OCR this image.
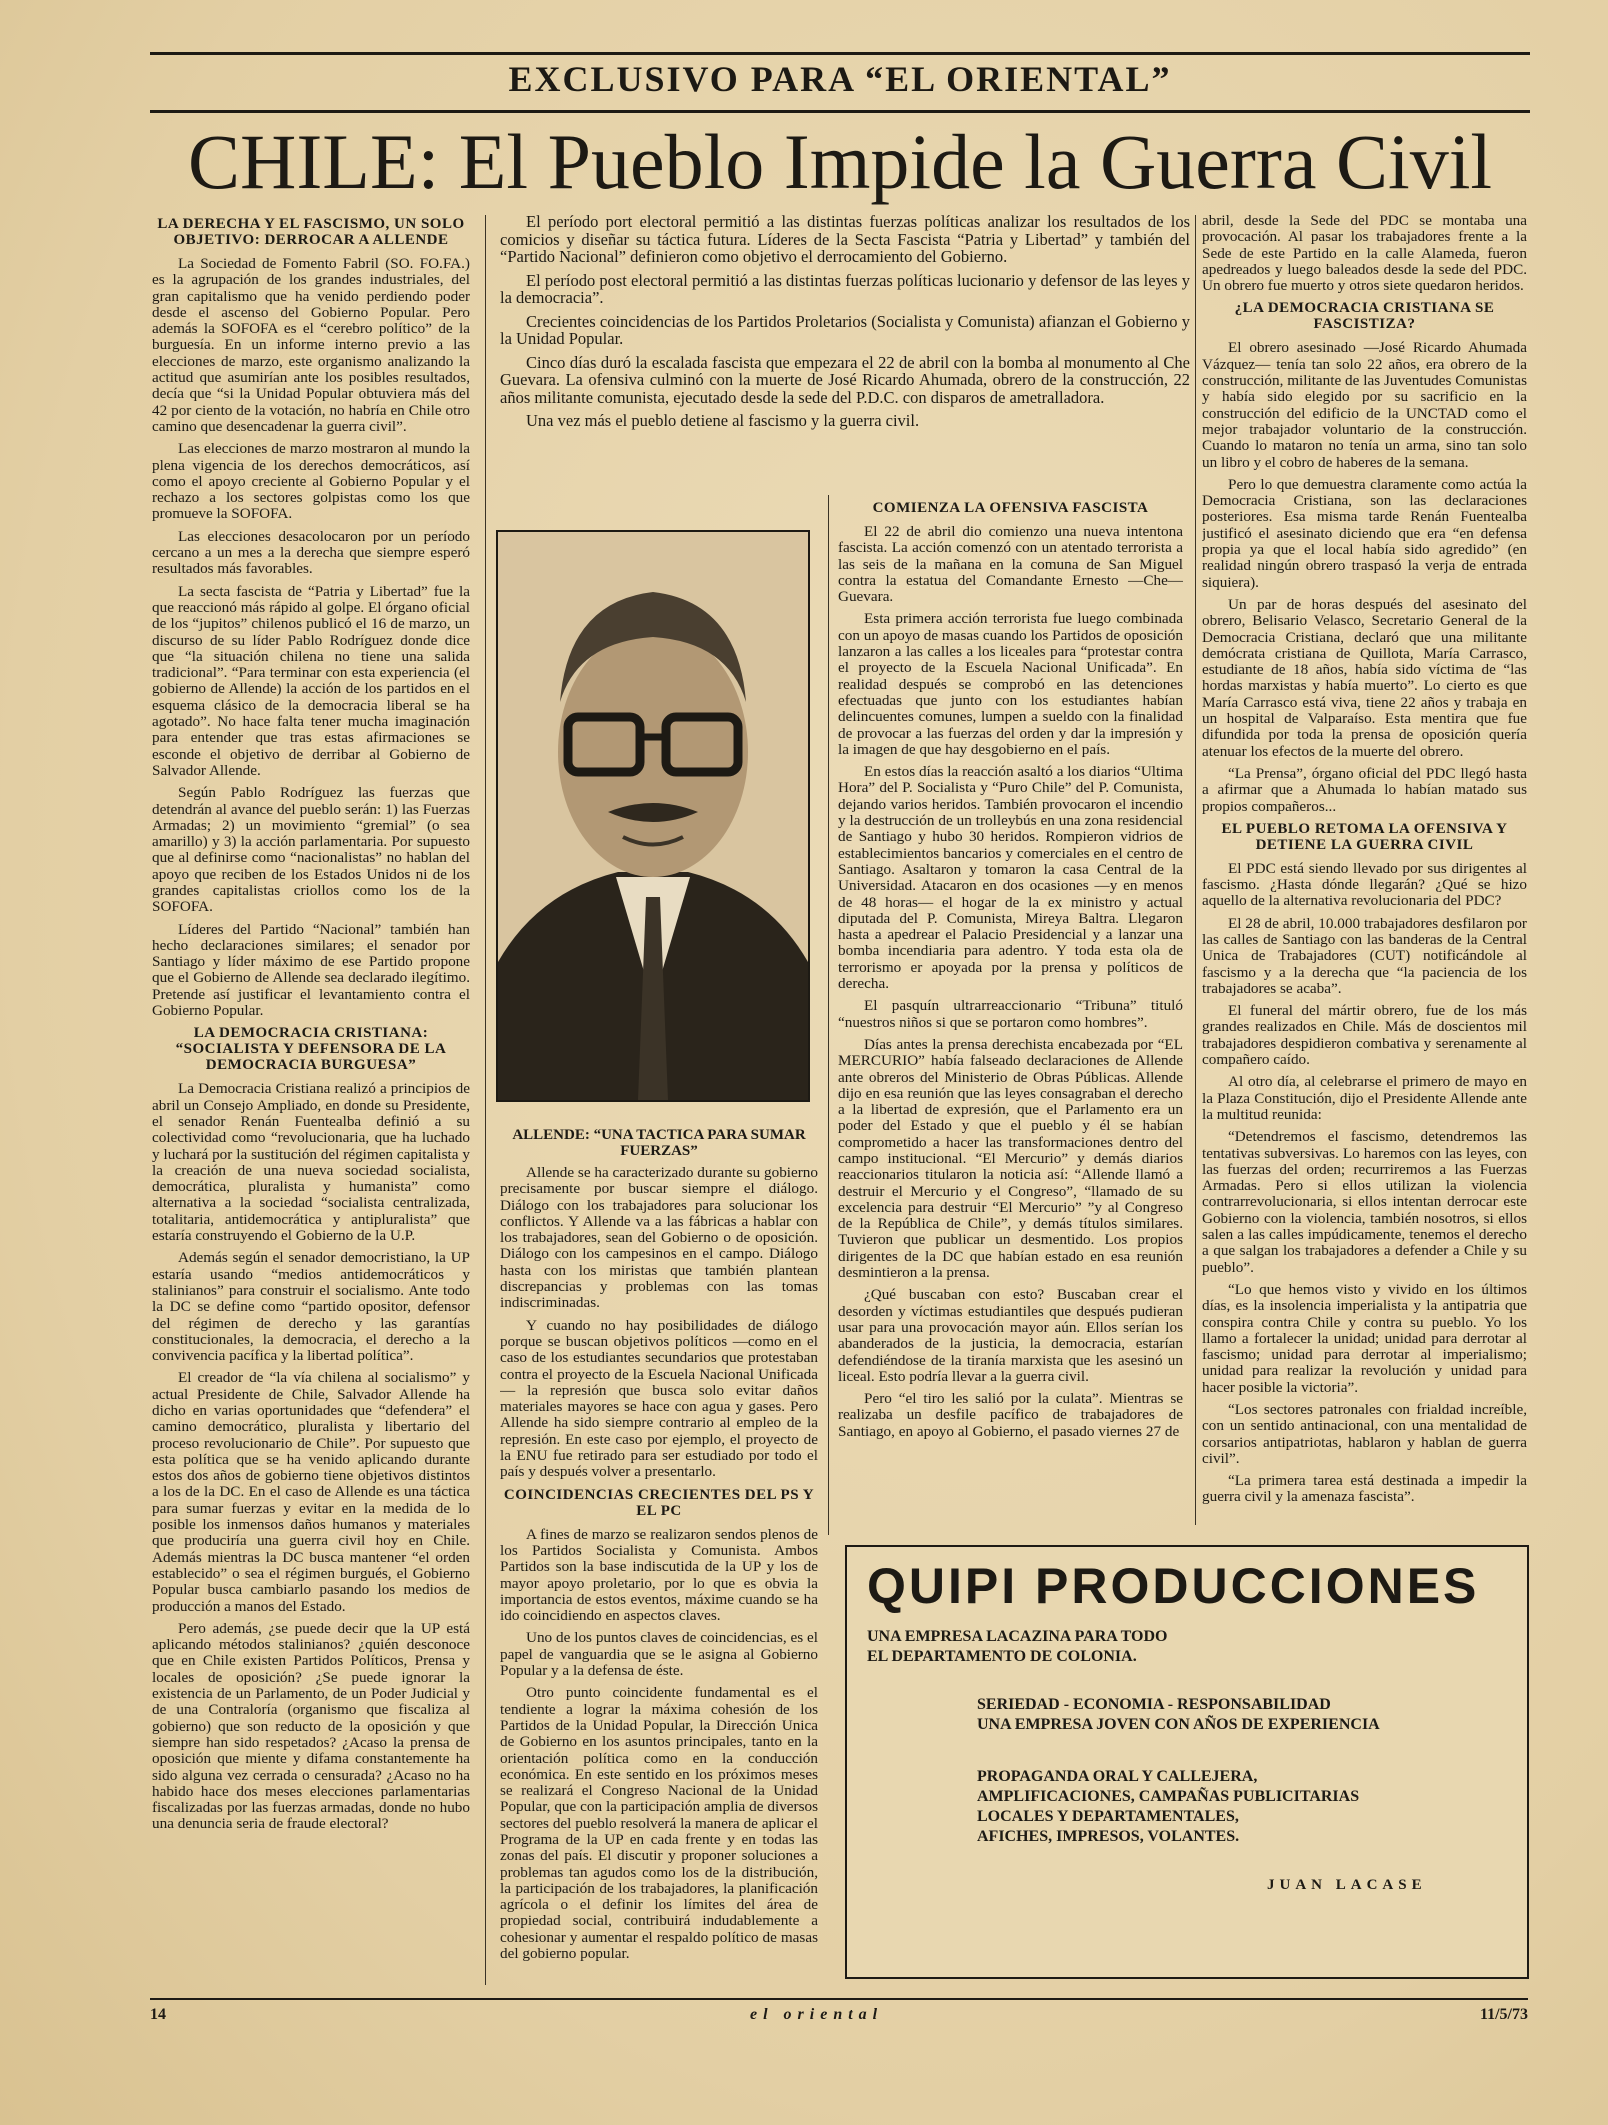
EXCLUSIVO PARA “EL ORIENTAL”
CHILE: El Pueblo Impide la Guerra Civil
LA DERECHA Y EL FASCISMO, UN SOLO OBJETIVO: DERROCAR A ALLENDE

La Sociedad de Fomento Fabril (SO. FO.FA.) es la agrupación de los grandes industriales, del gran capitalismo que ha venido perdiendo poder desde el ascenso del Gobierno Popular. Pero además la SOFOFA es el “cerebro político” de la burguesía. En un informe interno previo a las elecciones de marzo, este organismo analizando la actitud que asumirían ante los posibles resultados, decía que “si la Unidad Popular obtuviera más del 42 por ciento de la votación, no habría en Chile otro camino que desencadenar la guerra civil”.

Las elecciones de marzo mostraron al mundo la plena vigencia de los derechos democráticos, así como el apoyo creciente al Gobierno Popular y el rechazo a los sectores golpistas como los que promueve la SOFOFA.

Las elecciones desacolocaron por un período cercano a un mes a la derecha que siempre esperó resultados más favorables.

La secta fascista de “Patria y Libertad” fue la que reaccionó más rápido al golpe. El órgano oficial de los “jupitos” chilenos publicó el 16 de marzo, un discurso de su líder Pablo Rodríguez donde dice que “la situación chilena no tiene una salida tradicional”. “Para terminar con esta experiencia (el gobierno de Allende) la acción de los partidos en el esquema clásico de la democracia liberal se ha agotado”. No hace falta tener mucha imaginación para entender que tras estas afirmaciones se esconde el objetivo de derribar al Gobierno de Salvador Allende.

Según Pablo Rodríguez las fuerzas que detendrán al avance del pueblo serán: 1) las Fuerzas Armadas; 2) un movimiento “gremial” (o sea amarillo) y 3) la acción parlamentaria. Por supuesto que al definirse como “nacionalistas” no hablan del apoyo que reciben de los Estados Unidos ni de los grandes capitalistas criollos como los de la SOFOFA.

Líderes del Partido “Nacional” también han hecho declaraciones similares; el senador por Santiago y líder máximo de ese Partido propone que el Gobierno de Allende sea declarado ilegítimo. Pretende así justificar el levantamiento contra el Gobierno Popular.

LA DEMOCRACIA CRISTIANA: “SOCIALISTA Y DEFENSORA DE LA DEMOCRACIA BURGUESA”

La Democracia Cristiana realizó a principios de abril un Consejo Ampliado, en donde su Presidente, el senador Renán Fuentealba definió a su colectividad como “revolucionaria, que ha luchado y luchará por la sustitución del régimen capitalista y la creación de una nueva sociedad socialista, democrática, pluralista y humanista” como alternativa a la sociedad “socialista centralizada, totalitaria, antidemocrática y antipluralista” que estaría construyendo el Gobierno de la U.P.

Además según el senador democristiano, la UP estaría usando “medios antidemocráticos y stalinianos” para construir el socialismo. Ante todo la DC se define como “partido opositor, defensor del régimen de derecho y las garantías constitucionales, la democracia, el derecho a la convivencia pacífica y la libertad política”.

El creador de “la vía chilena al socialismo” y actual Presidente de Chile, Salvador Allende ha dicho en varias oportunidades que “defendera” el camino democrático, pluralista y libertario del proceso revolucionario de Chile”. Por supuesto que esta política que se ha venido aplicando durante estos dos años de gobierno tiene objetivos distintos a los de la DC. En el caso de Allende es una táctica para sumar fuerzas y evitar en la medida de lo posible los inmensos daños humanos y materiales que produciría una guerra civil hoy en Chile. Además mientras la DC busca mantener “el orden establecido” o sea el régimen burgués, el Gobierno Popular busca cambiarlo pasando los medios de producción a manos del Estado.

Pero además, ¿se puede decir que la UP está aplicando métodos stalinianos? ¿quién desconoce que en Chile existen Partidos Políticos, Prensa y locales de oposición? ¿Se puede ignorar la existencia de un Parlamento, de un Poder Judicial y de una Contraloría (organismo que fiscaliza al gobierno) que son reducto de la oposición y que siempre han sido respetados? ¿Acaso la prensa de oposición que miente y difama constantemente ha sido alguna vez cerrada o censurada? ¿Acaso no ha habido hace dos meses elecciones parlamentarias fiscalizadas por las fuerzas armadas, donde no hubo una denuncia seria de fraude electoral?

El período port electoral permitió a las distintas fuerzas políticas analizar los resultados de los comicios y diseñar su táctica futura. Líderes de la Secta Fascista “Patria y Libertad” y también del “Partido Nacional” definieron como objetivo el derrocamiento del Gobierno.

El período post electoral permitió a las distintas fuerzas políticas lucionario y defensor de las leyes y la democracia”.

Crecientes coincidencias de los Partidos Proletarios (Socialista y Comunista) afianzan el Gobierno y la Unidad Popular.

Cinco días duró la escalada fascista que empezara el 22 de abril con la bomba al monumento al Che Guevara. La ofensiva culminó con la muerte de José Ricardo Ahumada, obrero de la construcción, 22 años militante comunista, ejecutado desde la sede del P.D.C. con disparos de ametralladora.

Una vez más el pueblo detiene al fascismo y la guerra civil.

ALLENDE: “UNA TACTICA PARA SUMAR FUERZAS”

Allende se ha caracterizado durante su gobierno precisamente por buscar siempre el diálogo. Diálogo con los trabajadores para solucionar los conflictos. Y Allende va a las fábricas a hablar con los trabajadores, sean del Gobierno o de oposición. Diálogo con los campesinos en el campo. Diálogo hasta con los miristas que también plantean discrepancias y problemas con las tomas indiscriminadas.

Y cuando no hay posibilidades de diálogo porque se buscan objetivos políticos —como en el caso de los estudiantes secundarios que protestaban contra el proyecto de la Escuela Nacional Unificada— la represión que busca solo evitar daños materiales mayores se hace con agua y gases. Pero Allende ha sido siempre contrario al empleo de la represión. En este caso por ejemplo, el proyecto de la ENU fue retirado para ser estudiado por todo el país y después volver a presentarlo.

COINCIDENCIAS CRECIENTES DEL PS Y EL PC

A fines de marzo se realizaron sendos plenos de los Partidos Socialista y Comunista. Ambos Partidos son la base indiscutida de la UP y los de mayor apoyo proletario, por lo que es obvia la importancia de estos eventos, máxime cuando se ha ido coincidiendo en aspectos claves.

Uno de los puntos claves de coincidencias, es el papel de vanguardia que se le asigna al Gobierno Popular y a la defensa de éste.

Otro punto coincidente fundamental es el tendiente a lograr la máxima cohesión de los Partidos de la Unidad Popular, la Dirección Unica de Gobierno en los asuntos principales, tanto en la orientación política como en la conducción económica. En este sentido en los próximos meses se realizará el Congreso Nacional de la Unidad Popular, que con la participación amplia de diversos sectores del pueblo resolverá la manera de aplicar el Programa de la UP en cada frente y en todas las zonas del país. El discutir y proponer soluciones a problemas tan agudos como los de la distribución, la participación de los trabajadores, la planificación agrícola o el definir los límites del área de propiedad social, contribuirá indudablemente a cohesionar y aumentar el respaldo político de masas del gobierno popular.

COMIENZA LA OFENSIVA FASCISTA

El 22 de abril dio comienzo una nueva intentona fascista. La acción comenzó con un atentado terrorista a las seis de la mañana en la comuna de San Miguel contra la estatua del Comandante Ernesto —Che— Guevara.

Esta primera acción terrorista fue luego combinada con un apoyo de masas cuando los Partidos de oposición lanzaron a las calles a los liceales para “protestar contra el proyecto de la Escuela Nacional Unificada”. En realidad después se comprobó en las detenciones efectuadas que junto con los estudiantes habían delincuentes comunes, lumpen a sueldo con la finalidad de provocar a las fuerzas del orden y dar la impresión y la imagen de que hay desgobierno en el país.

En estos días la reacción asaltó a los diarios “Ultima Hora” del P. Socialista y “Puro Chile” del P. Comunista, dejando varios heridos. También provocaron el incendio y la destrucción de un trolleybús en una zona residencial de Santiago y hubo 30 heridos. Rompieron vidrios de establecimientos bancarios y comerciales en el centro de Santiago. Asaltaron y tomaron la casa Central de la Universidad. Atacaron en dos ocasiones —y en menos de 48 horas— el hogar de la ex ministro y actual diputada del P. Comunista, Mireya Baltra. Llegaron hasta a apedrear el Palacio Presidencial y a lanzar una bomba incendiaria para adentro. Y toda esta ola de terrorismo er apoyada por la prensa y políticos de derecha.

El pasquín ultrarreaccionario “Tribuna” tituló “nuestros niños si que se portaron como hombres”.

Días antes la prensa derechista encabezada por “EL MERCURIO” había falseado declaraciones de Allende ante obreros del Ministerio de Obras Públicas. Allende dijo en esa reunión que las leyes consagraban el derecho a la libertad de expresión, que el Parlamento era un poder del Estado y que el pueblo y él se habían comprometido a hacer las transformaciones dentro del campo institucional. “El Mercurio” y demás diarios reaccionarios titularon la noticia así: “Allende llamó a destruir el Mercurio y el Congreso”, “llamado de su excelencia para destruir “El Mercurio” ”y al Congreso de la República de Chile”, y demás títulos similares. Tuvieron que publicar un desmentido. Los propios dirigentes de la DC que habían estado en esa reunión desmintieron a la prensa.

¿Qué buscaban con esto? Buscaban crear el desorden y víctimas estudiantiles que después pudieran usar para una provocación mayor aún. Ellos serían los abanderados de la justicia, la democracia, estarían defendiéndose de la tiranía marxista que les asesinó un liceal. Esto podría llevar a la guerra civil.

Pero “el tiro les salió por la culata”. Mientras se realizaba un desfile pacífico de trabajadores de Santiago, en apoyo al Gobierno, el pasado viernes 27 de

abril, desde la Sede del PDC se montaba una provocación. Al pasar los trabajadores frente a la Sede de este Partido en la calle Alameda, fueron apedreados y luego baleados desde la sede del PDC. Un obrero fue muerto y otros siete quedaron heridos.

¿LA DEMOCRACIA CRISTIANA SE FASCISTIZA?

El obrero asesinado —José Ricardo Ahumada Vázquez— tenía tan solo 22 años, era obrero de la construcción, militante de las Juventudes Comunistas y había sido elegido por su sacrificio en la construcción del edificio de la UNCTAD como el mejor trabajador voluntario de la construcción. Cuando lo mataron no tenía un arma, sino tan solo un libro y el cobro de haberes de la semana.

Pero lo que demuestra claramente como actúa la Democracia Cristiana, son las declaraciones posteriores. Esa misma tarde Renán Fuentealba justificó el asesinato diciendo que era “en defensa propia ya que el local había sido agredido” (en realidad ningún obrero traspasó la verja de entrada siquiera).

Un par de horas después del asesinato del obrero, Belisario Velasco, Secretario General de la Democracia Cristiana, declaró que una militante demócrata cristiana de Quillota, María Carrasco, estudiante de 18 años, había sido víctima de “las hordas marxistas y había muerto”. Lo cierto es que María Carrasco está viva, tiene 22 años y trabaja en un hospital de Valparaíso. Esta mentira que fue difundida por toda la prensa de oposición quería atenuar los efectos de la muerte del obrero.

“La Prensa”, órgano oficial del PDC llegó hasta a afirmar que a Ahumada lo habían matado sus propios compañeros...

EL PUEBLO RETOMA LA OFENSIVA Y DETIENE LA GUERRA CIVIL

El PDC está siendo llevado por sus dirigentes al fascismo. ¿Hasta dónde llegarán? ¿Qué se hizo aquello de la alternativa revolucionaria del PDC?

El 28 de abril, 10.000 trabajadores desfilaron por las calles de Santiago con las banderas de la Central Unica de Trabajadores (CUT) notificándole al fascismo y a la derecha que “la paciencia de los trabajadores se acaba”.

El funeral del mártir obrero, fue de los más grandes realizados en Chile. Más de doscientos mil trabajadores despidieron combativa y serenamente al compañero caído.

Al otro día, al celebrarse el primero de mayo en la Plaza Constitución, dijo el Presidente Allende ante la multitud reunida:

“Detendremos el fascismo, detendremos las tentativas subversivas. Lo haremos con las leyes, con las fuerzas del orden; recurriremos a las Fuerzas Armadas. Pero si ellos utilizan la violencia contrarrevolucionaria, si ellos intentan derrocar este Gobierno con la violencia, también nosotros, si ellos salen a las calles impúdicamente, tenemos el derecho a que salgan los trabajadores a defender a Chile y su pueblo”.

“Lo que hemos visto y vivido en los últimos días, es la insolencia imperialista y la antipatria que conspira contra Chile y contra su pueblo. Yo los llamo a fortalecer la unidad; unidad para derrotar al fascismo; unidad para derrotar al imperialismo; unidad para realizar la revolución y unidad para hacer posible la victoria”.

“Los sectores patronales con frialdad increíble, con un sentido antinacional, con una mentalidad de corsarios antipatriotas, hablaron y hablan de guerra civil”.

“La primera tarea está destinada a impedir la guerra civil y la amenaza fascista”.

QUIPI PRODUCCIONES
UNA EMPRESA LACAZINA PARA TODO
EL DEPARTAMENTO DE COLONIA.
SERIEDAD - ECONOMIA - RESPONSABILIDAD
UNA EMPRESA JOVEN CON AÑOS DE EXPERIENCIA
PROPAGANDA ORAL Y CALLEJERA,
AMPLIFICACIONES, CAMPAÑAS PUBLICITARIAS
LOCALES Y DEPARTAMENTALES,
AFICHES, IMPRESOS, VOLANTES.
JUAN LACASE
14	el oriental	11/5/73
